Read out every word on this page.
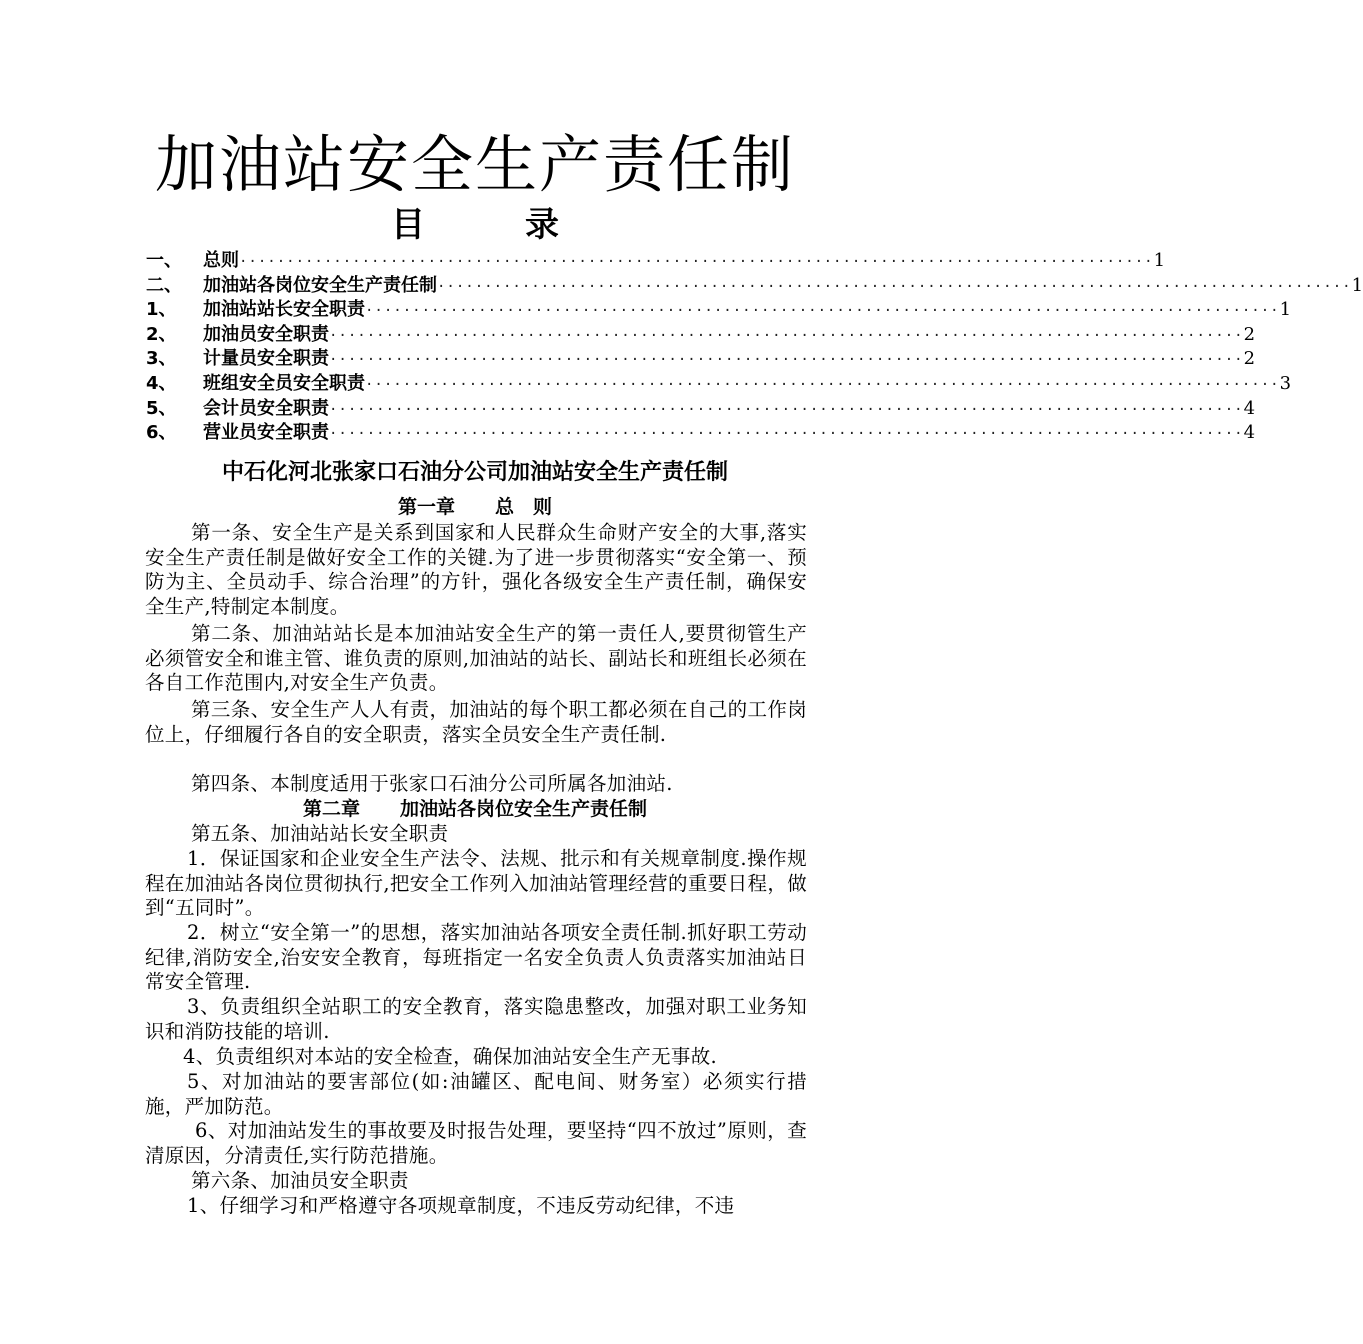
加油站安全生产责任制
目	录
一、	总则 ································································································· 1
二、	加油站各岗位安全生产责任制 ································································································· 1
1、	加油站站长安全职责 ································································································· 1
2、	加油员安全职责 ································································································· 2
3、	计量员安全职责 ································································································· 2
4、	班组安全员安全职责 ································································································· 3
5、	会计员安全职责 ································································································· 4
6、	营业员安全职责 ································································································· 4
中石化河北张家口石油分公司加油站安全生产责任制
第一章 总　则
第一条、安全生产是关系到国家和人民群众生命财产安全的大事,落实安全生产责任制是做好安全工作的关键.为了进一步贯彻落实“安全第一、预防为主、全员动手、综合治理”的方针，强化各级安全生产责任制，确保安全生产,特制定本制度。
第二条、加油站站长是本加油站安全生产的第一责任人,要贯彻管生产必须管安全和谁主管、谁负责的原则,加油站的站长、副站长和班组长必须在各自工作范围内,对安全生产负责。
第三条、安全生产人人有责，加油站的每个职工都必须在自己的工作岗位上，仔细履行各自的安全职责，落实全员安全生产责任制.
第四条、本制度适用于张家口石油分公司所属各加油站.
第二章 加油站各岗位安全生产责任制
第五条、加油站站长安全职责
1．保证国家和企业安全生产法令、法规、批示和有关规章制度.操作规程在加油站各岗位贯彻执行,把安全工作列入加油站管理经营的重要日程，做到“五同时”。
2．树立“安全第一”的思想，落实加油站各项安全责任制.抓好职工劳动纪律,消防安全,治安安全教育，每班指定一名安全负责人负责落实加油站日常安全管理.
3、负责组织全站职工的安全教育，落实隐患整改，加强对职工业务知识和消防技能的培训.
4、负责组织对本站的安全检查，确保加油站安全生产无事故.
5、对加油站的要害部位(如:油罐区、配电间、财务室）必须实行措施，严加防范。
6、对加油站发生的事故要及时报告处理，要坚持“四不放过”原则，查清原因，分清责任,实行防范措施。
第六条、加油员安全职责
1、仔细学习和严格遵守各项规章制度，不违反劳动纪律，不违
